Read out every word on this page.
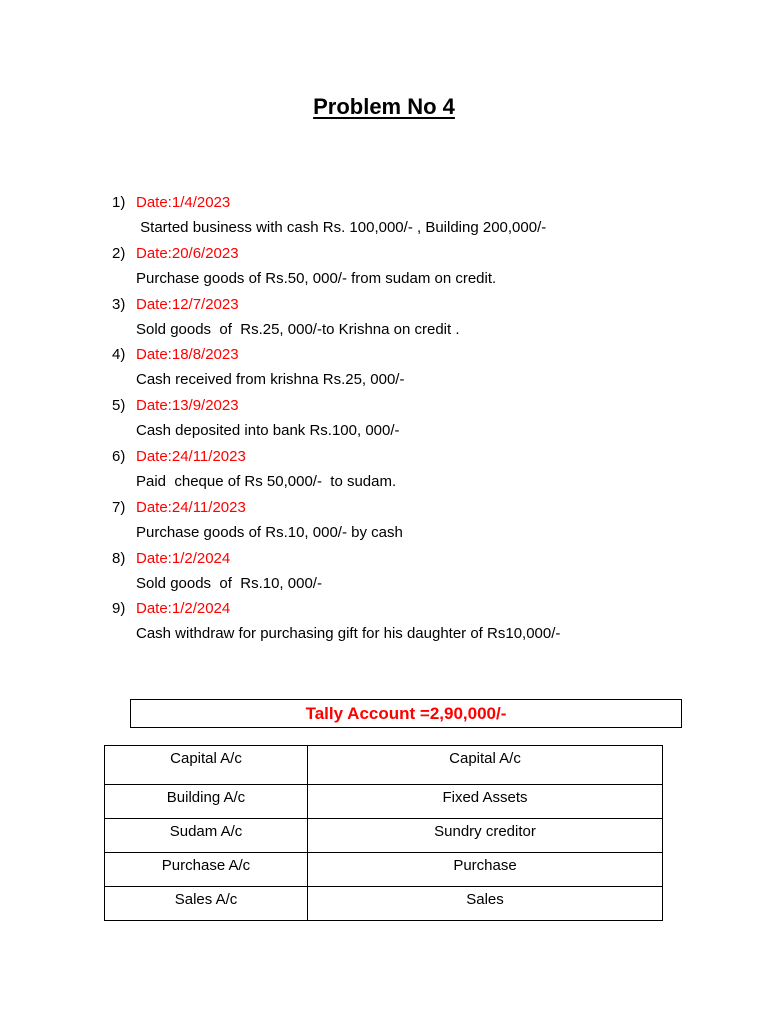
Problem No 4
1) Date:1/4/2023
Started business with cash Rs. 100,000/- , Building 200,000/-
2) Date:20/6/2023
Purchase goods of Rs.50, 000/- from sudam on credit.
3) Date:12/7/2023
Sold goods  of  Rs.25, 000/-to Krishna on credit .
4) Date:18/8/2023
Cash received from krishna Rs.25, 000/-
5) Date:13/9/2023
Cash deposited into bank Rs.100, 000/-
6) Date:24/11/2023
Paid  cheque of Rs 50,000/-  to sudam.
7) Date:24/11/2023
Purchase goods of Rs.10, 000/- by cash
8) Date:1/2/2024
Sold goods  of  Rs.10, 000/-
9) Date:1/2/2024
Cash withdraw for purchasing gift for his daughter of Rs10,000/-
Tally Account =2,90,000/-
Capital A/c	Capital A/c
Building A/c	Fixed Assets
Sudam A/c	Sundry creditor
Purchase A/c	Purchase
Sales A/c	Sales
